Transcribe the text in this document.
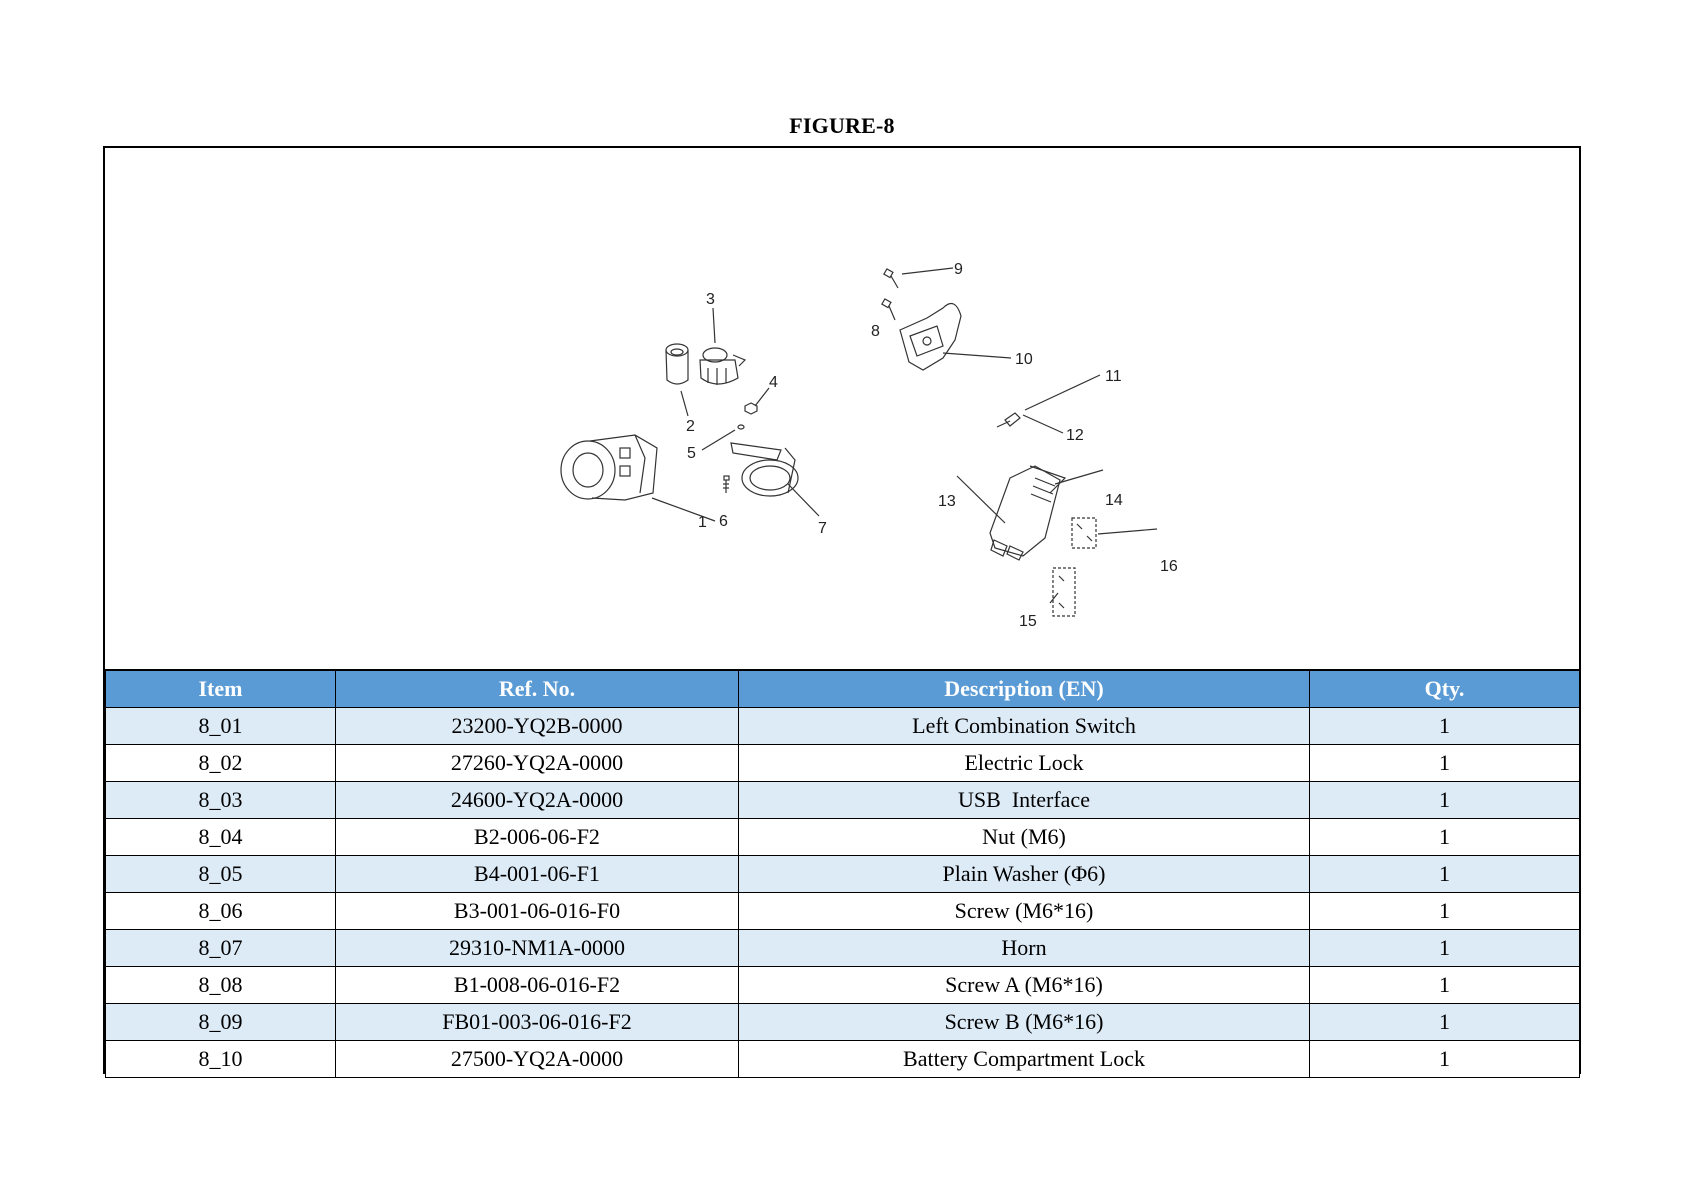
FIGURE-8
1
2
3
4
5
6	7
8
9
10
11
12
13	14
15
16
Item	Ref. No.	Description (EN)	Qty.
8_01	23200-YQ2B-0000	Left Combination Switch	1
8_02	27260-YQ2A-0000	Electric Lock	1
8_03	24600-YQ2A-0000	USB  Interface	1
8_04	B2-006-06-F2	Nut (M6)	1
8_05	B4-001-06-F1	Plain Washer (Φ6)	1
8_06	B3-001-06-016-F0	Screw (M6*16)	1
8_07	29310-NM1A-0000	Horn	1
8_08	B1-008-06-016-F2	Screw A (M6*16)	1
8_09	FB01-003-06-016-F2	Screw B (M6*16)	1
8_10	27500-YQ2A-0000	Battery Compartment Lock	1
